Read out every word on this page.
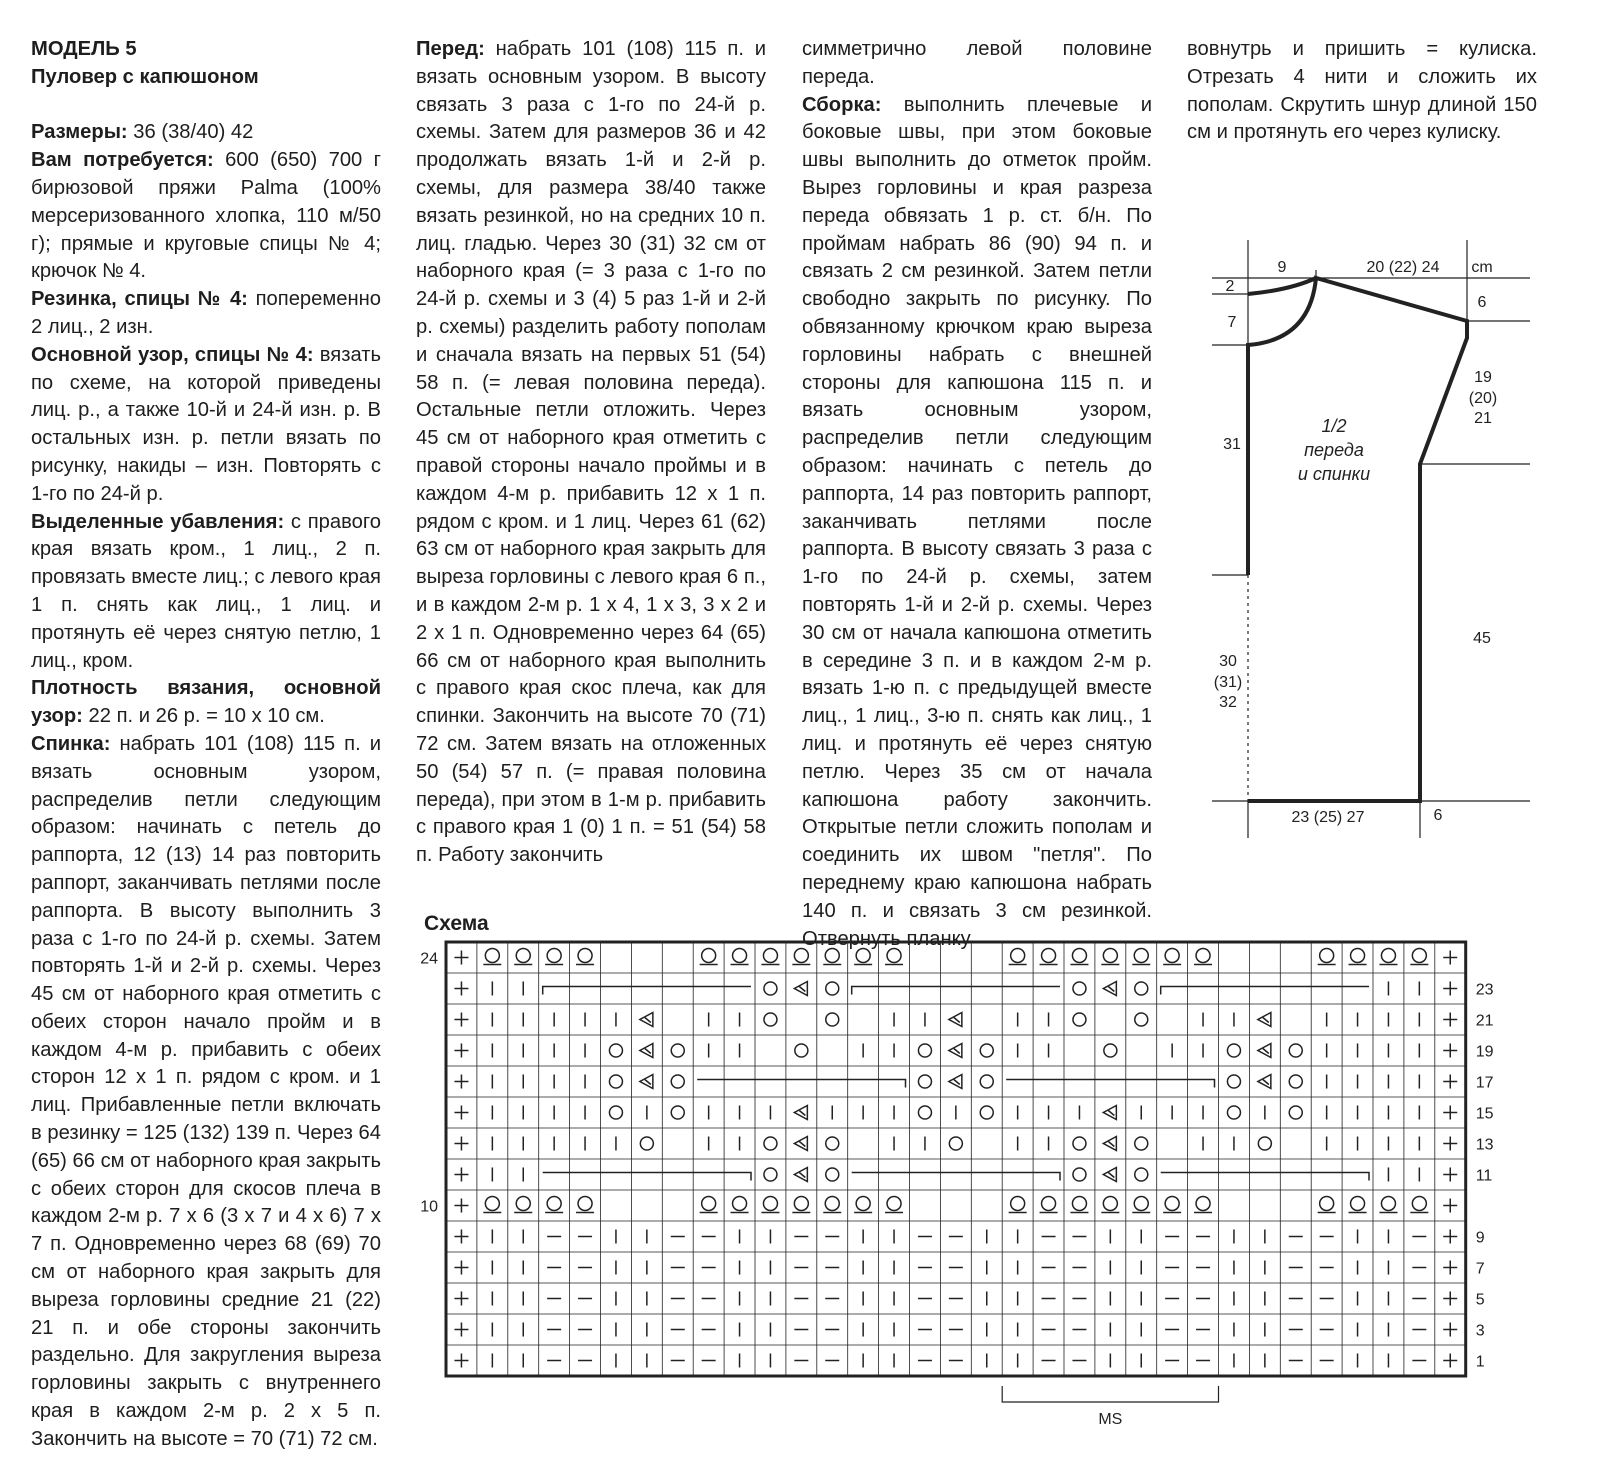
МОДЕЛЬ 5
Пуловер с капюшоном

Размеры: 36 (38/40) 42

Вам потребуется: 600 (650) 700 г бирюзовой пряжи Palma (100% мерсеризованного хлопка, 110 м/50 г); прямые и круговые спицы № 4; крючок № 4.

Резинка, спицы № 4: попеременно 2 лиц., 2 изн.

Основной узор, спицы № 4: вязать по схеме, на которой приведены лиц. р., а также 10-й и 24-й изн. р. В остальных изн. р. петли вязать по рисунку, накиды – изн. Повторять с 1-го по 24-й р.

Выделенные убавления: с правого края вязать кром., 1 лиц., 2 п. провязать вместе лиц.; с левого края 1 п. снять как лиц., 1 лиц. и протянуть её через снятую петлю, 1 лиц., кром.

Плотность вязания, основной узор: 22 п. и 26 р. = 10 х 10 см.

Спинка: набрать 101 (108) 115 п. и вязать основным узором, распределив петли следующим образом: начинать с петель до раппорта, 12 (13) 14 раз повторить раппорт, заканчивать петлями после раппорта. В высоту выполнить 3 раза с 1-го по 24-й р. схемы. Затем повторять 1-й и 2-й р. схемы. Через 45 см от наборного края отметить с обеих сторон начало пройм и в каждом 4-м р. прибавить с обеих сторон 12 х 1 п. рядом с кром. и 1 лиц. Прибавленные петли включать в резинку = 125 (132) 139 п. Через 64 (65) 66 см от наборного края закрыть с обеих сторон для скосов плеча в каждом 2-м р. 7 х 6 (3 х 7 и 4 х 6) 7 х 7 п. Одновременно через 68 (69) 70 см от наборного края закрыть для выреза горловины средние 21 (22) 21 п. и обе стороны закончить раздельно. Для закругления выреза горловины закрыть с внутреннего края в каждом 2-м р. 2 х 5 п. Закончить на высоте = 70 (71) 72 см.

Перед: набрать 101 (108) 115 п. и вязать основным узором. В высоту связать 3 раза с 1-го по 24-й р. схемы. Затем для размеров 36 и 42 продолжать вязать 1-й и 2-й р. схемы, для размера 38/40 также вязать резинкой, но на средних 10 п. лиц. гладью. Через 30 (31) 32 см от наборного края (= 3 раза с 1-го по 24-й р. схемы и 3 (4) 5 раз 1-й и 2-й р. схемы) разделить работу пополам и сначала вязать на первых 51 (54) 58 п. (= левая половина переда). Остальные петли отложить. Через 45 см от наборного края отметить с правой стороны начало проймы и в каждом 4-м р. прибавить 12 х 1 п. рядом с кром. и 1 лиц. Через 61 (62) 63 см от наборного края закрыть для выреза горловины с левого края 6 п., и в каждом 2-м р. 1 х 4, 1 х 3, 3 х 2 и 2 х 1 п. Одновременно через 64 (65) 66 см от наборного края выполнить с правого края скос плеча, как для спинки. Закончить на высоте 70 (71) 72 см. Затем вязать на отложенных 50 (54) 57 п. (= правая половина переда), при этом в 1-м р. прибавить с правого края 1 (0) 1 п. = 51 (54) 58 п. Работу закончить

симметрично левой половине переда.

Сборка: выполнить плечевые и боковые швы, при этом боковые швы выполнить до отметок пройм. Вырез горловины и края разреза переда обвязать 1 р. ст. б/н. По проймам набрать 86 (90) 94 п. и связать 2 см резинкой. Затем петли свободно закрыть по рисунку. По обвязанному крючком краю выреза горловины набрать с внешней стороны для капюшона 115 п. и вязать основным узором, распределив петли следующим образом: начинать с петель до раппорта, 14 раз повторить раппорт, заканчивать петлями после раппорта. В высоту связать 3 раза с 1-го по 24-й р. схемы, затем повторять 1-й и 2-й р. схемы. Через 30 см от начала капюшона отметить в середине 3 п. и в каждом 2-м р. вязать 1-ю п. с предыдущей вместе лиц., 1 лиц., 3-ю п. снять как лиц., 1 лиц. и протянуть её через снятую петлю. Через 35 см от начала капюшона работу закончить. Открытые петли сложить пополам и соединить их швом "петля". По переднему краю капюшона набрать 140 п. и связать 3 см резинкой. Отвернуть планку

вовнутрь и пришить = кулиска. Отрезать 4 нити и сложить их пополам. Скрутить шнур длиной 150 см и протянуть его через кулиску.

9	20 (22) 24 cm
2
7
6
19
(20)
21
31
1/2
переда
и спинки
30
(31)
32
45
23 (25) 27	6
Схема
24
10
23
21
19
17
15
13
11
9
7
5
3
1
MS
